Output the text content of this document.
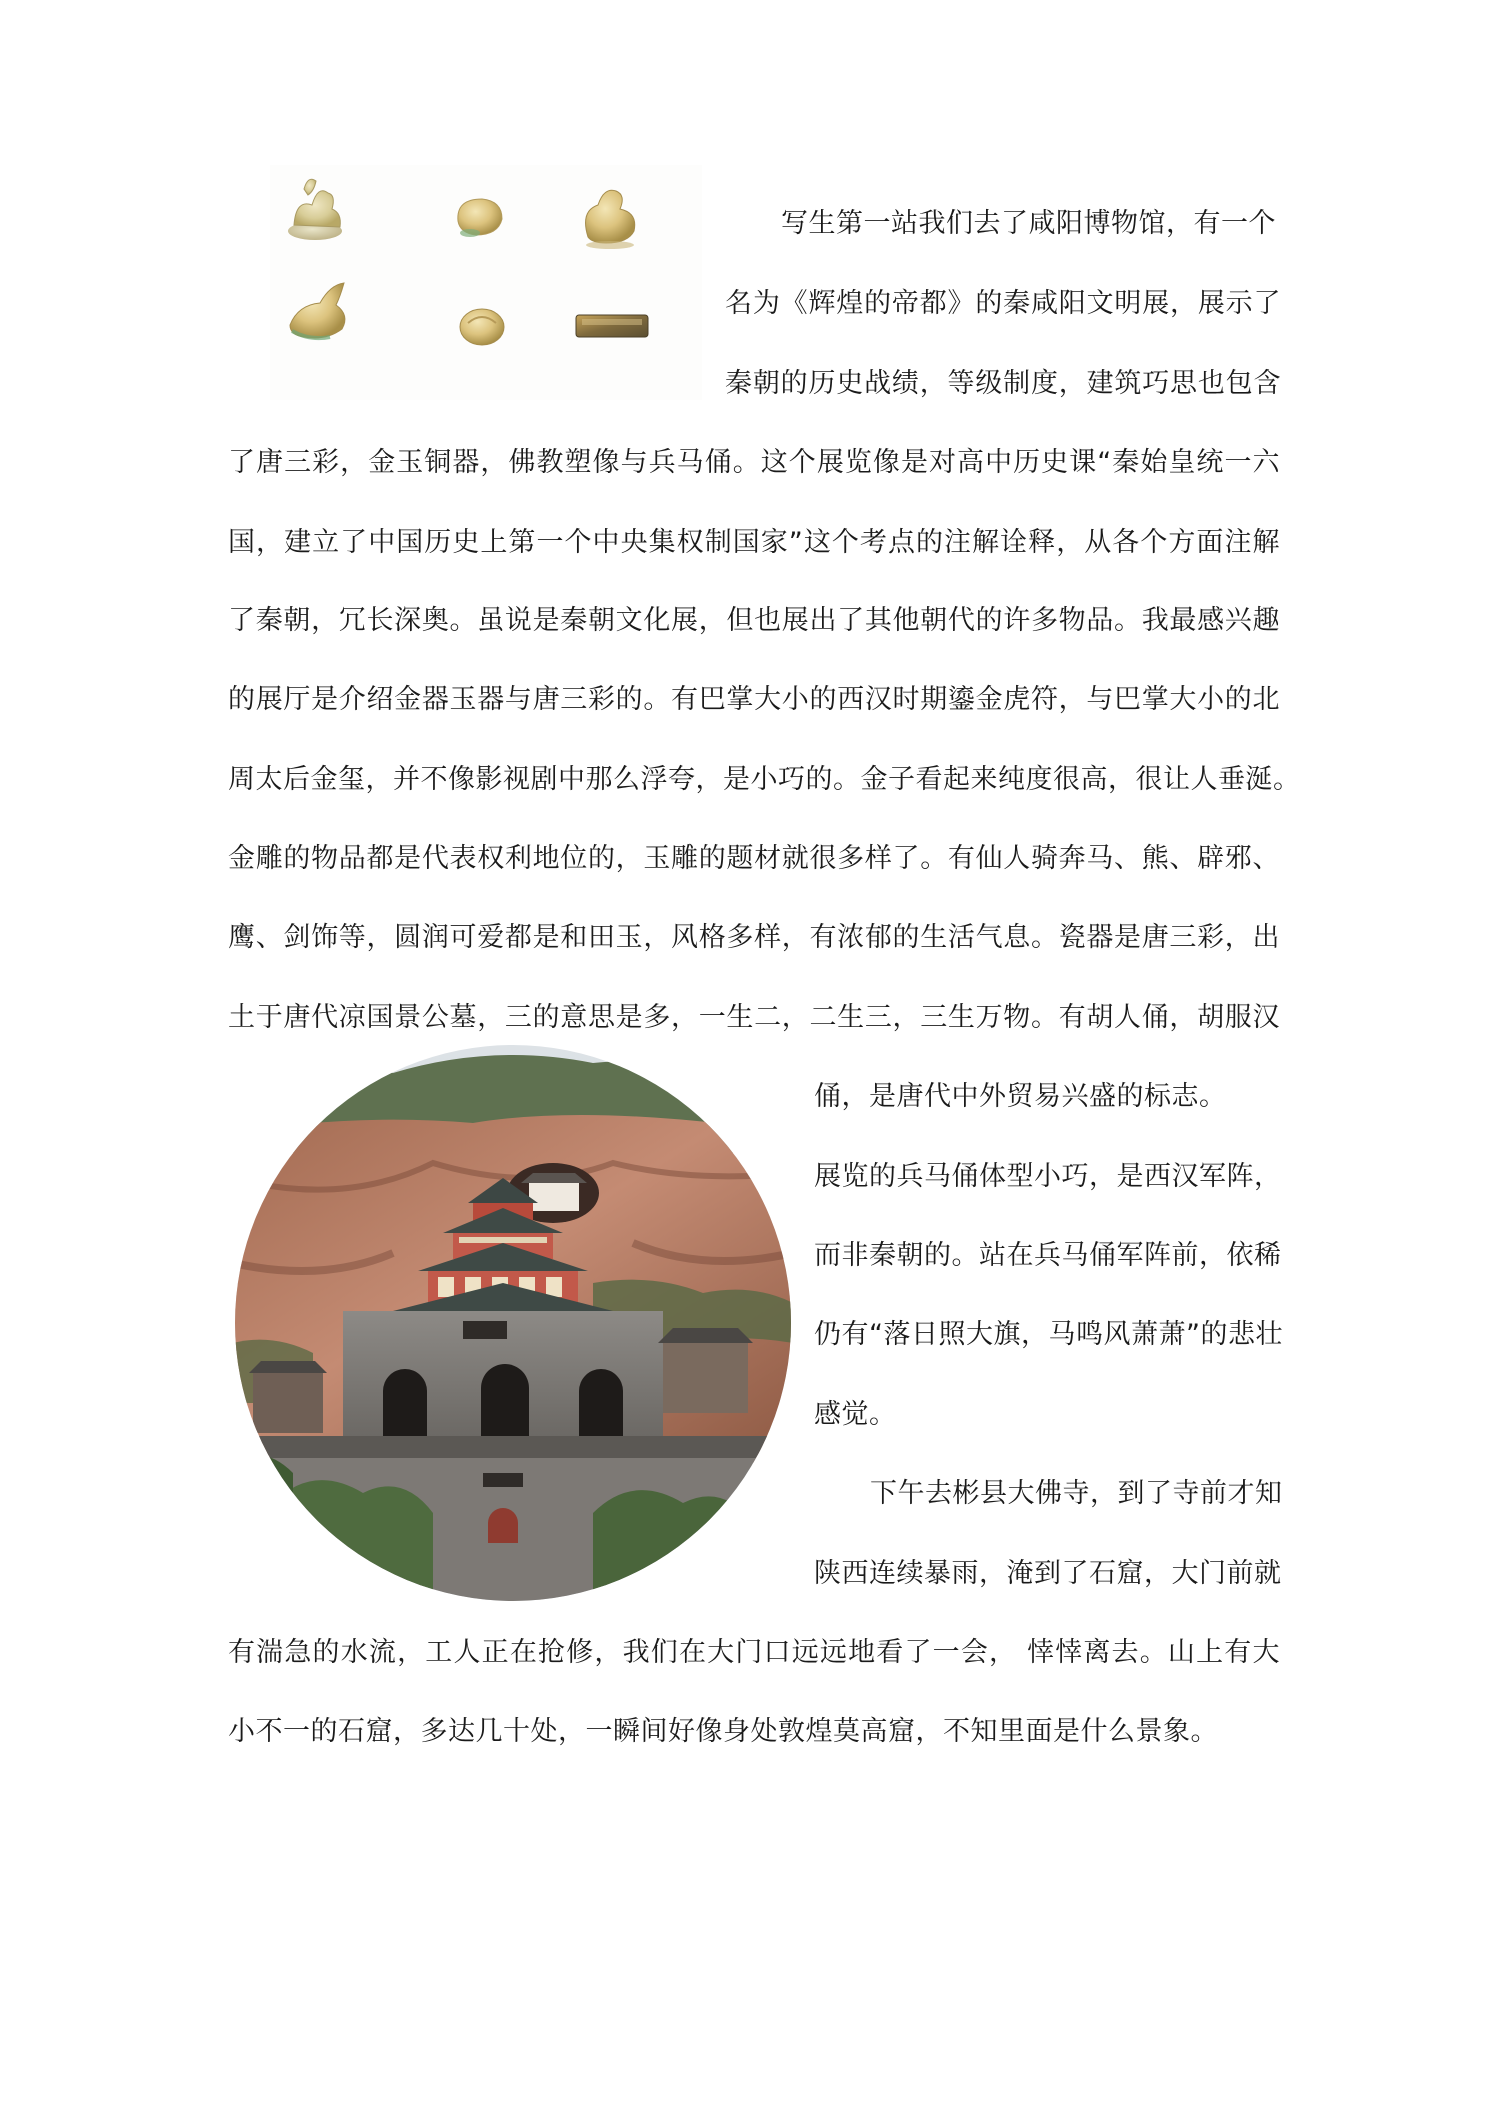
写生第一站我们去了咸阳博物馆，有一个
名为《辉煌的帝都》的秦咸阳文明展，展示了
秦朝的历史战绩，等级制度，建筑巧思也包含
了唐三彩，金玉铜器，佛教塑像与兵马俑。这个展览像是对高中历史课“秦始皇统一六
国，建立了中国历史上第一个中央集权制国家”这个考点的注解诠释，从各个方面注解
了秦朝，冗长深奥。虽说是秦朝文化展，但也展出了其他朝代的许多物品。我最感兴趣
的展厅是介绍金器玉器与唐三彩的。有巴掌大小的西汉时期鎏金虎符，与巴掌大小的北
周太后金玺，并不像影视剧中那么浮夸，是小巧的。金子看起来纯度很高，很让人垂涎。
金雕的物品都是代表权利地位的，玉雕的题材就很多样了。有仙人骑奔马、熊、辟邪、
鹰、剑饰等，圆润可爱都是和田玉，风格多样，有浓郁的生活气息。瓷器是唐三彩，出
土于唐代凉国景公墓，三的意思是多，一生二，二生三，三生万物。有胡人俑，胡服汉
俑，是唐代中外贸易兴盛的标志。
展览的兵马俑体型小巧，是西汉军阵，
而非秦朝的。站在兵马俑军阵前，依稀
仍有“落日照大旗，马鸣风萧萧”的悲壮
感觉。
下午去彬县大佛寺，到了寺前才知
陕西连续暴雨，淹到了石窟，大门前就
有湍急的水流，工人正在抢修，我们在大门口远远地看了一会， 悻悻离去。山上有大
小不一的石窟，多达几十处，一瞬间好像身处敦煌莫高窟，不知里面是什么景象。
